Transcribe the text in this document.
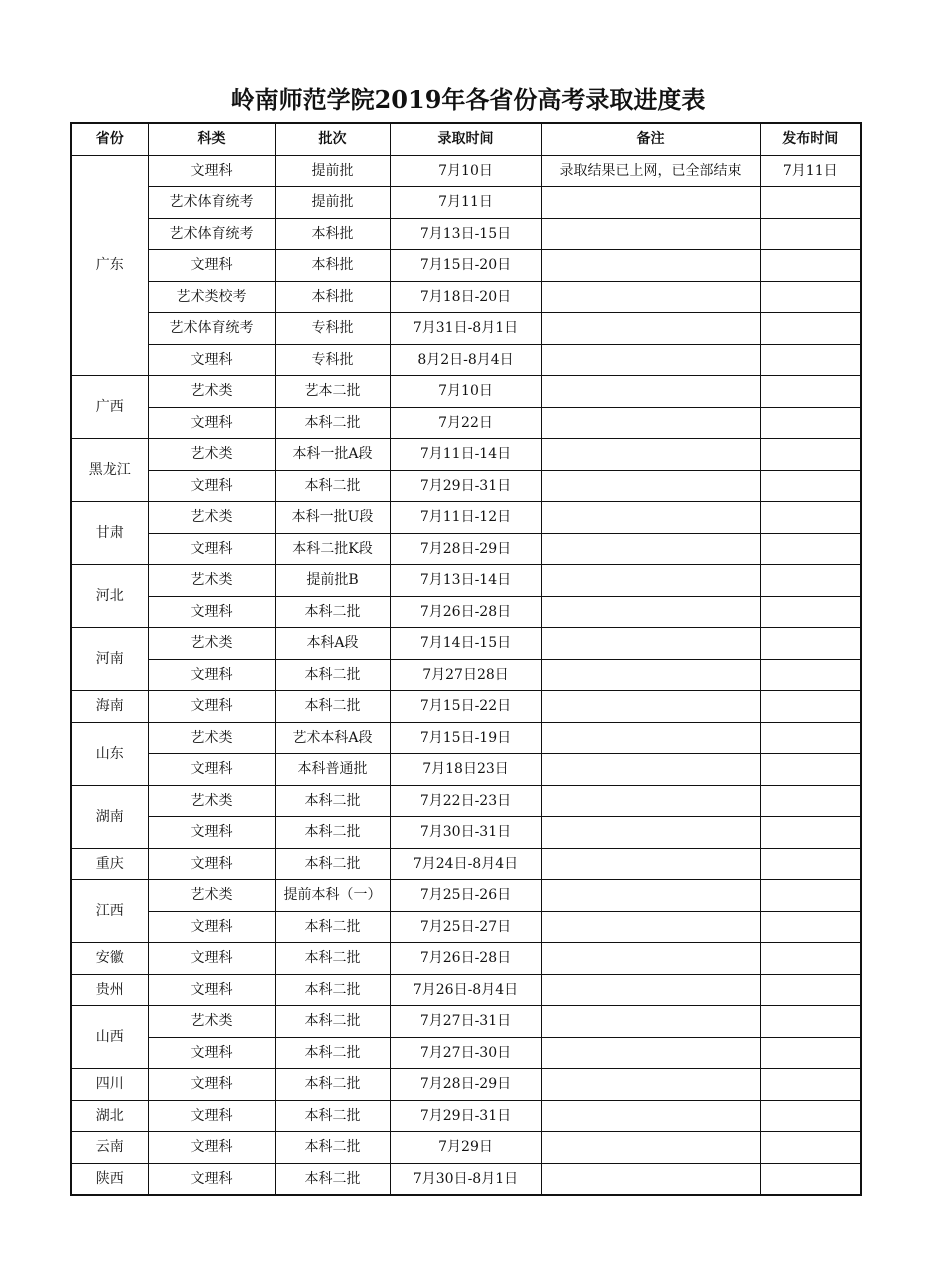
岭南师范学院2019年各省份高考录取进度表
省份	科类	批次	录取时间	备注	发布时间
广东	文理科	提前批	7月10日	录取结果已上网，已全部结束	7月11日
	艺术体育统考	提前批	7月11日		
	艺术体育统考	本科批	7月13日-15日		
	文理科	本科批	7月15日-20日		
	艺术类校考	本科批	7月18日-20日		
	艺术体育统考	专科批	7月31日-8月1日		
	文理科	专科批	8月2日-8月4日		
广西	艺术类	艺本二批	7月10日		
	文理科	本科二批	7月22日		
黑龙江	艺术类	本科一批A段	7月11日-14日		
	文理科	本科二批	7月29日-31日		
甘肃	艺术类	本科一批U段	7月11日-12日		
	文理科	本科二批K段	7月28日-29日		
河北	艺术类	提前批B	7月13日-14日		
	文理科	本科二批	7月26日-28日		
河南	艺术类	本科A段	7月14日-15日		
	文理科	本科二批	7月27日28日		
海南	文理科	本科二批	7月15日-22日		
山东	艺术类	艺术本科A段	7月15日-19日		
	文理科	本科普通批	7月18日23日		
湖南	艺术类	本科二批	7月22日-23日		
	文理科	本科二批	7月30日-31日		
重庆	文理科	本科二批	7月24日-8月4日		
江西	艺术类	提前本科（一）	7月25日-26日		
	文理科	本科二批	7月25日-27日		
安徽	文理科	本科二批	7月26日-28日		
贵州	文理科	本科二批	7月26日-8月4日		
山西	艺术类	本科二批	7月27日-31日		
	文理科	本科二批	7月27日-30日		
四川	文理科	本科二批	7月28日-29日		
湖北	文理科	本科二批	7月29日-31日		
云南	文理科	本科二批	7月29日		
陕西	文理科	本科二批	7月30日-8月1日		
